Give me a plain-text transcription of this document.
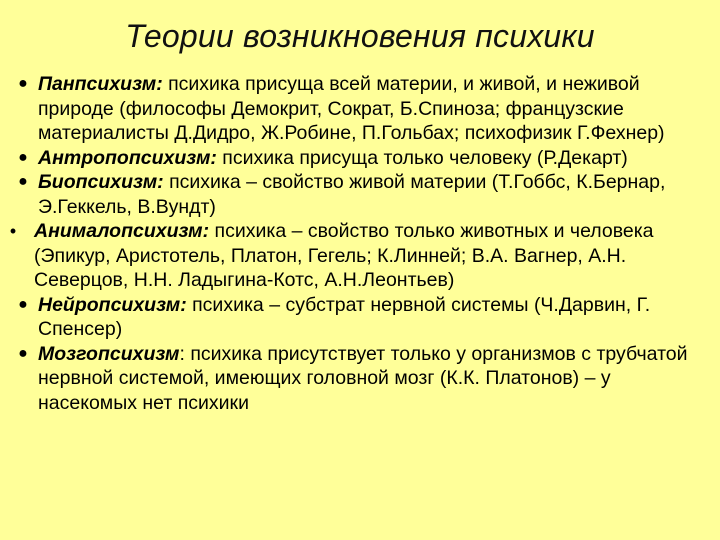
Теории возникновения психики
● Панпсихизм: психика присуща всей материи, и живой, и неживой природе (философы Демокрит, Сократ, Б.Спиноза; французские материалисты Д.Дидро, Ж.Робине, П.Гольбах; психофизик Г.Фехнер)
● Антропопсихизм: психика присуща только человеку (Р.Декарт)
● Биопсихизм: психика – свойство живой материи (Т.Гоббс, К.Бернар, Э.Геккель, В.Вундт)
• Анималопсихизм: психика – свойство только животных и человека (Эпикур, Аристотель, Платон, Гегель; К.Линней; В.А. Вагнер, А.Н. Северцов, Н.Н. Ладыгина-Котс, А.Н.Леонтьев)
● Нейропсихизм: психика – субстрат нервной системы (Ч.Дарвин, Г. Спенсер)
● Мозгопсихизм: психика присутствует только у организмов с трубчатой нервной системой, имеющих головной мозг (К.К. Платонов) – у насекомых нет психики
